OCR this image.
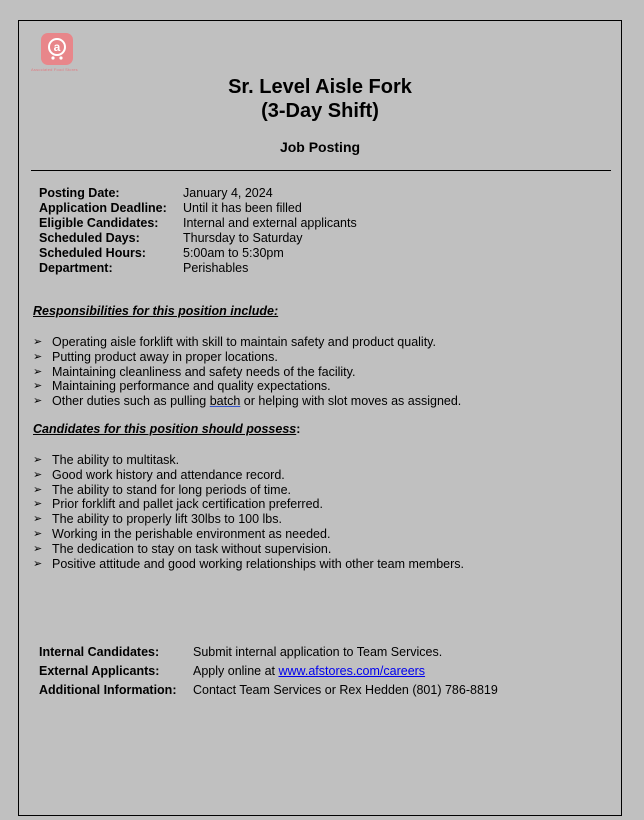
a
Associated Food Stores
Sr. Level Aisle Fork
(3-Day Shift)
Job Posting
Posting Date:	January 4, 2024
Application Deadline:	Until it has been filled
Eligible Candidates:	Internal and external applicants
Scheduled Days:	Thursday to Saturday
Scheduled Hours:	5:00am to 5:30pm
Department:	Perishables
Responsibilities for this position include:
➢ Operating aisle forklift with skill to maintain safety and product quality.
➢ Putting product away in proper locations.
➢ Maintaining cleanliness and safety needs of the facility.
➢ Maintaining performance and quality expectations.
➢ Other duties such as pulling batch or helping with slot moves as assigned.
Candidates for this position should possess:
➢ The ability to multitask.
➢ Good work history and attendance record.
➢ The ability to stand for long periods of time.
➢ Prior forklift and pallet jack certification preferred.
➢ The ability to properly lift 30lbs to 100 lbs.
➢ Working in the perishable environment as needed.
➢ The dedication to stay on task without supervision.
➢ Positive attitude and good working relationships with other team members.
Internal Candidates:	Submit internal application to Team Services.
External Applicants:	Apply online at www.afstores.com/careers
Additional Information:	Contact Team Services or Rex Hedden (801) 786-8819
